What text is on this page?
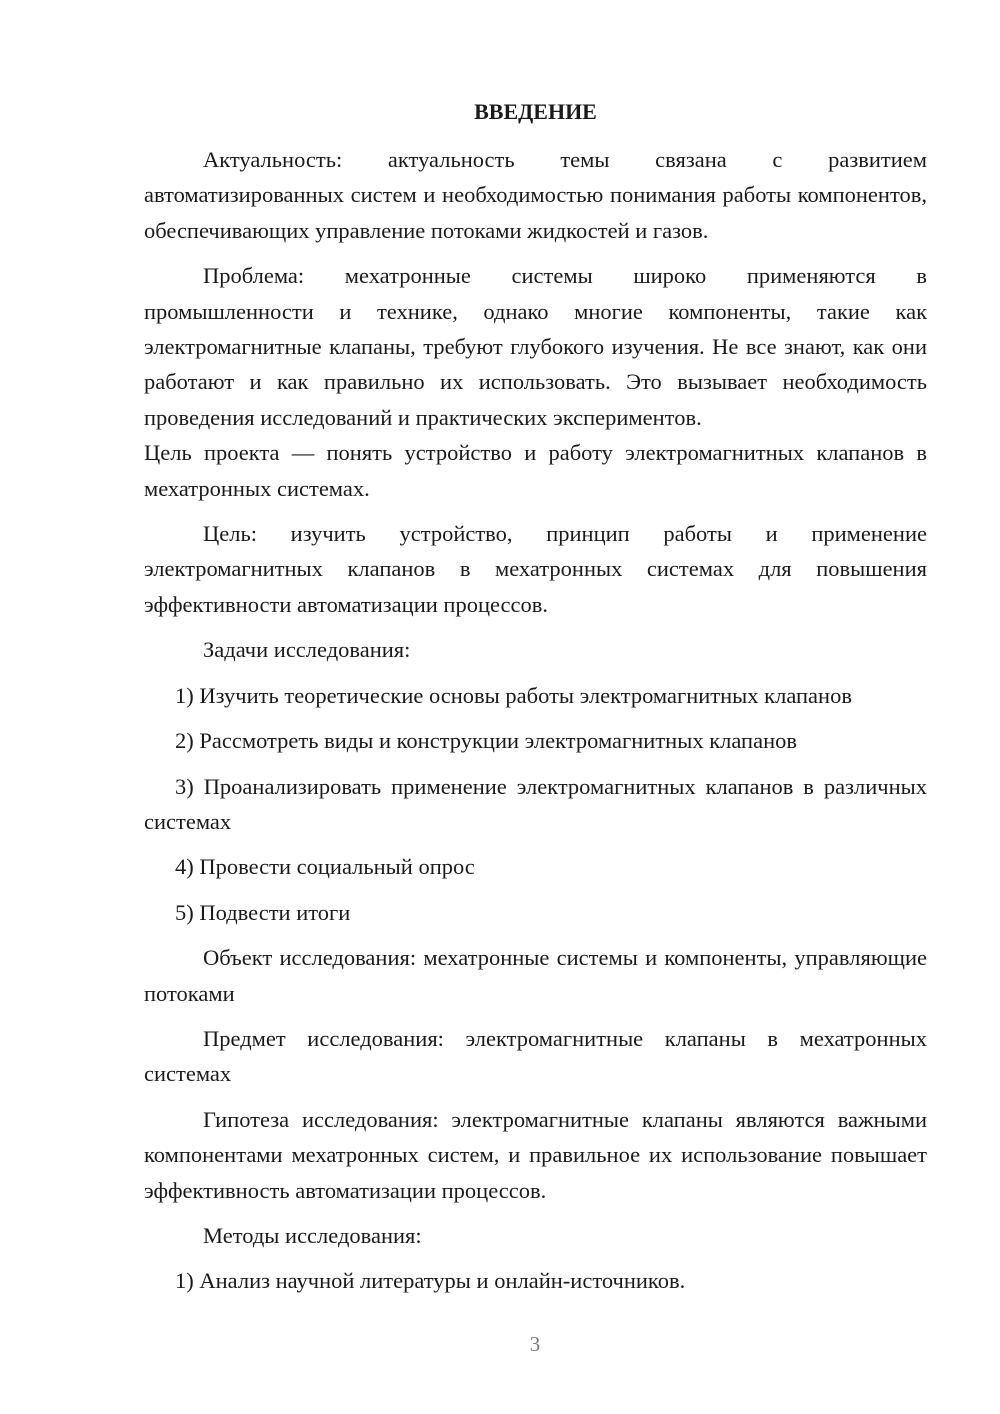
ВВЕДЕНИЕ
Актуальность: актуальность темы связана с развитием автоматизированных систем и необходимостью понимания работы компонентов, обеспечивающих управление потоками жидкостей и газов.
Проблема: мехатронные системы широко применяются в промышленности и технике, однако многие компоненты, такие как электромагнитные клапаны, требуют глубокого изучения. Не все знают, как они работают и как правильно их использовать. Это вызывает необходимость проведения исследований и практических экспериментов.
Цель проекта — понять устройство и работу электромагнитных клапанов в мехатронных системах.
Цель: изучить устройство, принцип работы и применение электромагнитных клапанов в мехатронных системах для повышения эффективности автоматизации процессов.
Задачи исследования:
1) Изучить теоретические основы работы электромагнитных клапанов
2) Рассмотреть виды и конструкции электромагнитных клапанов
3) Проанализировать применение электромагнитных клапанов в различных системах
4) Провести социальный опрос
5) Подвести итоги
Объект исследования: мехатронные системы и компоненты, управляющие потоками
Предмет исследования: электромагнитные клапаны в мехатронных системах
Гипотеза исследования: электромагнитные клапаны являются важными компонентами мехатронных систем, и правильное их использование повышает эффективность автоматизации процессов.
Методы исследования:
1) Анализ научной литературы и онлайн-источников.
3
